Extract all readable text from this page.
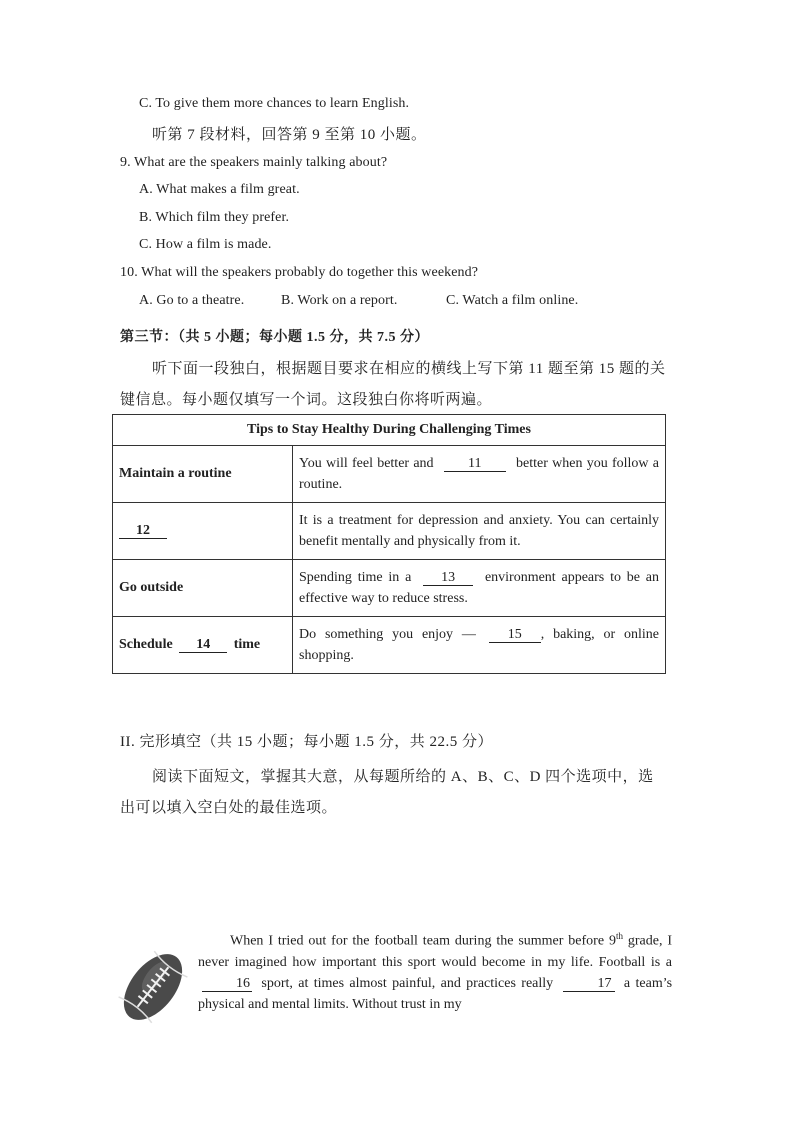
C. To give them more chances to learn English.
听第 7 段材料，回答第 9 至第 10 小题。
9. What are the speakers mainly talking about?
A. What makes a film great.
B. Which film they prefer.
C. How a film is made.
10. What will the speakers probably do together this weekend?
A. Go to a theatre.	B. Work on a report.	C. Watch a film online.
第三节：（共 5 小题；每小题 1.5 分，共 7.5 分）
听下面一段独白，根据题目要求在相应的横线上写下第 11 题至第 15 题的关
键信息。每小题仅填写一个词。这段独白你将听两遍。
Tips to Stay Healthy During Challenging Times	
Maintain a routine	You will feel better and 11 better when you follow a routine.
12	It is a treatment for depression and anxiety. You can certainly benefit mentally and physically from it.
Go outside	Spending time in a 13 environment appears to be an effective way to reduce stress.
Schedule 14 time	Do something you enjoy — 15 , baking, or online shopping.
II. 完形填空（共 15 小题；每小题 1.5 分，共 22.5 分）
阅读下面短文，掌握其大意，从每题所给的 A、B、C、D 四个选项中，选
出可以填入空白处的最佳选项。

When I tried out for the football team during the summer before 9th grade, I never imagined how important this sport would become in my life. Football is a 16 sport, at times almost painful, and practices really	17 a team’s physical and mental limits. Without trust in my
